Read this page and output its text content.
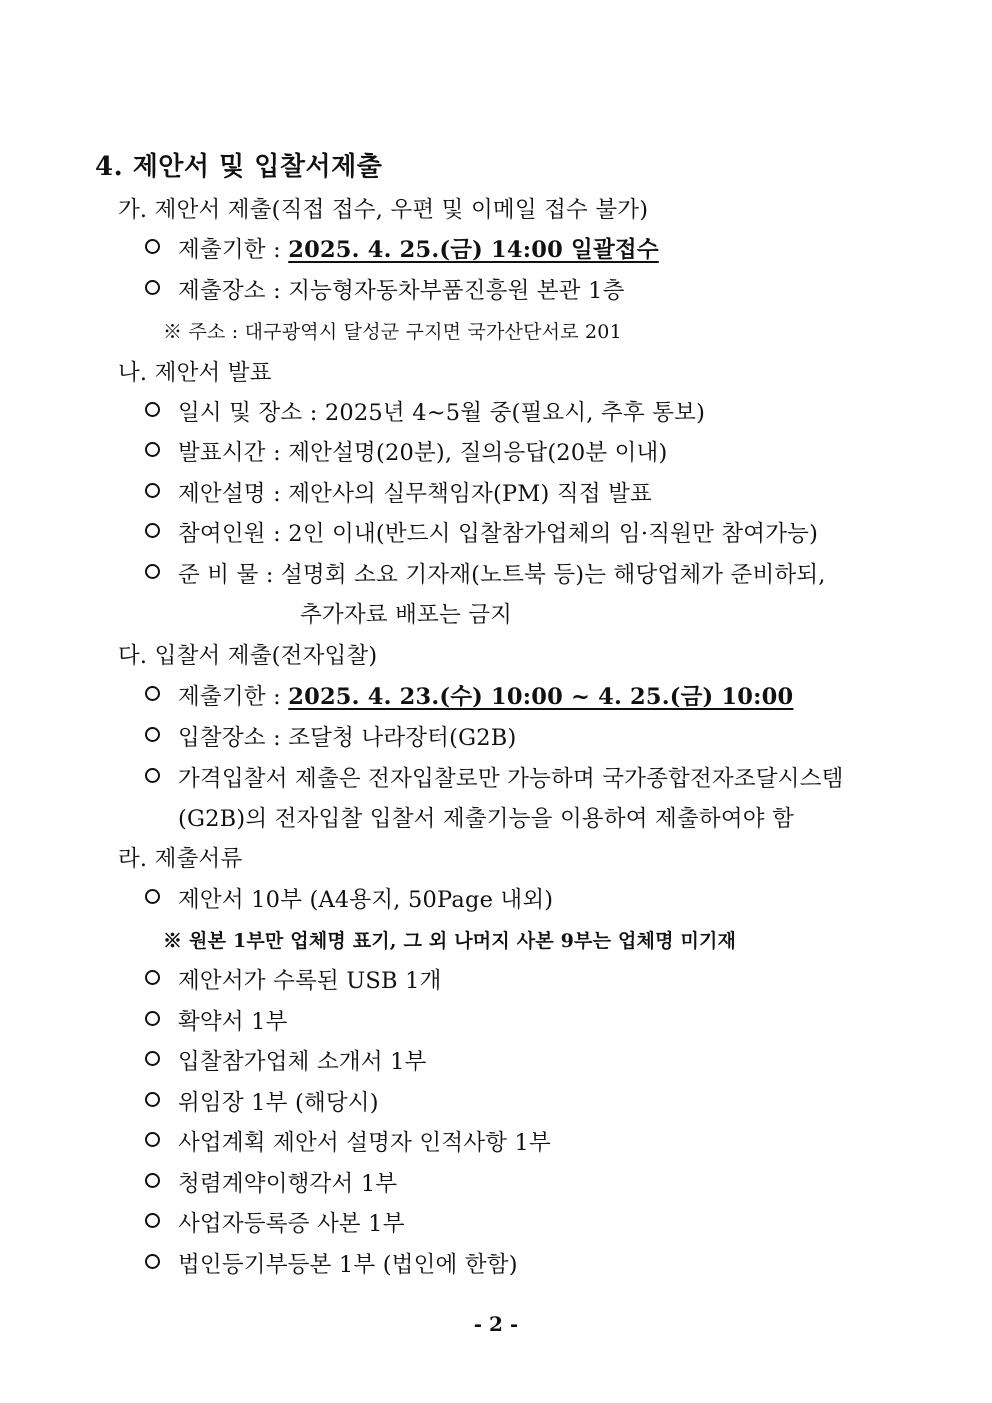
4. 제안서 및 입찰서제출
가. 제안서 제출(직접 접수, 우편 및 이메일 접수 불가)
제출기한 : 2025. 4. 25.(금) 14:00 일괄접수
제출장소 : 지능형자동차부품진흥원 본관 1층
※ 주소 : 대구광역시 달성군 구지면 국가산단서로 201
나. 제안서 발표
일시 및 장소 : 2025년 4~5월 중(필요시, 추후 통보)
발표시간 : 제안설명(20분), 질의응답(20분 이내)
제안설명 : 제안사의 실무책임자(PM) 직접 발표
참여인원 : 2인 이내(반드시 입찰참가업체의 임·직원만 참여가능)
준 비 물 : 설명회 소요 기자재(노트북 등)는 해당업체가 준비하되,
추가자료 배포는 금지
다. 입찰서 제출(전자입찰)
제출기한 : 2025. 4. 23.(수) 10:00 ~ 4. 25.(금) 10:00
입찰장소 : 조달청 나라장터(G2B)
가격입찰서 제출은 전자입찰로만 가능하며 국가종합전자조달시스템
(G2B)의 전자입찰 입찰서 제출기능을 이용하여 제출하여야 함
라. 제출서류
제안서 10부 (A4용지, 50Page 내외)
※ 원본 1부만 업체명 표기, 그 외 나머지 사본 9부는 업체명 미기재
제안서가 수록된 USB 1개
확약서 1부
입찰참가업체 소개서 1부
위임장 1부 (해당시)
사업계획 제안서 설명자 인적사항 1부
청렴계약이행각서 1부
사업자등록증 사본 1부
법인등기부등본 1부 (법인에 한함)
- 2 -
